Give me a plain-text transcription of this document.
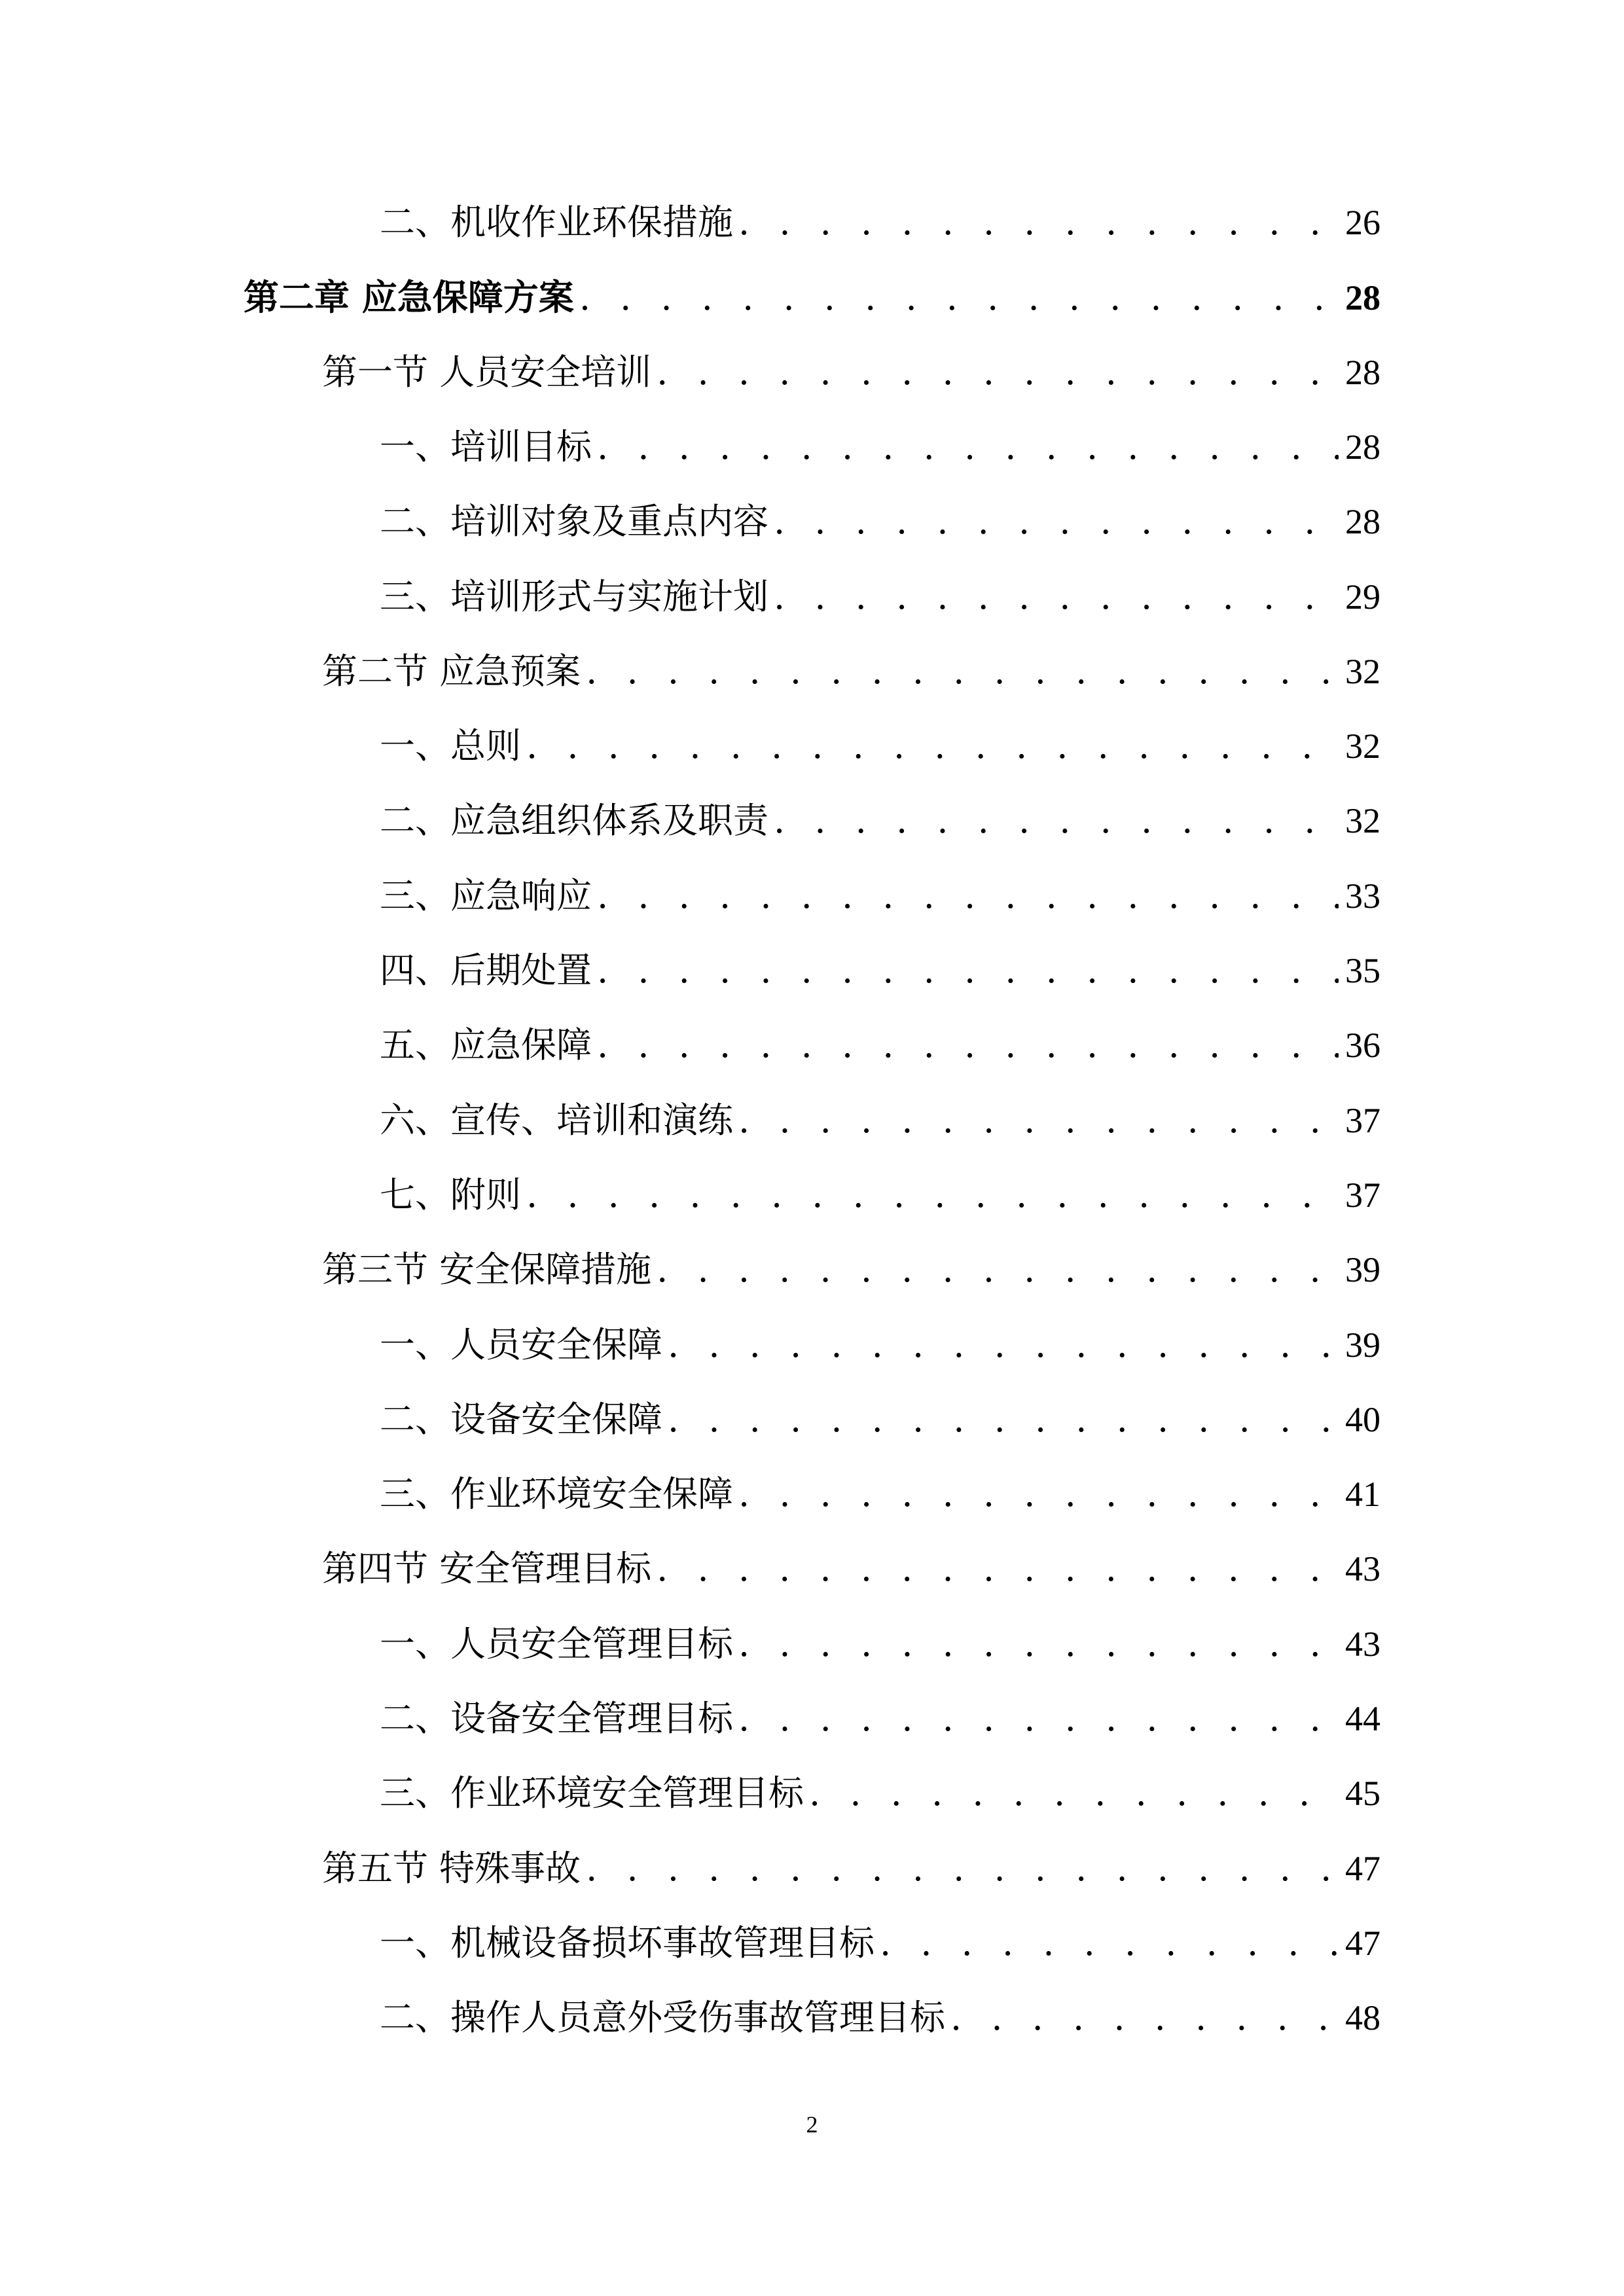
二、机收作业环保措施 . . .	26
第二章 应急保障方案 . . .	28
第一节 人员安全培训 . . .	28
一、培训目标 . . .	28
二、培训对象及重点内容 . . .	28
三、培训形式与实施计划 . . .	29
第二节 应急预案 . . .	32
一、总则 . . .	32
二、应急组织体系及职责 . . .	32
三、应急响应 . . .	33
四、后期处置 . . .	35
五、应急保障 . . .	36
六、宣传、培训和演练 . . .	37
七、附则 . . .	37
第三节 安全保障措施 . . .	39
一、人员安全保障 . . .	39
二、设备安全保障 . . .	40
三、作业环境安全保障 . . .	41
第四节 安全管理目标 . . .	43
一、人员安全管理目标 . . .	43
二、设备安全管理目标 . . .	44
三、作业环境安全管理目标 . . .	45
第五节 特殊事故 . . .	47
一、机械设备损坏事故管理目标 . . .	47
二、操作人员意外受伤事故管理目标 . . .	48
2
